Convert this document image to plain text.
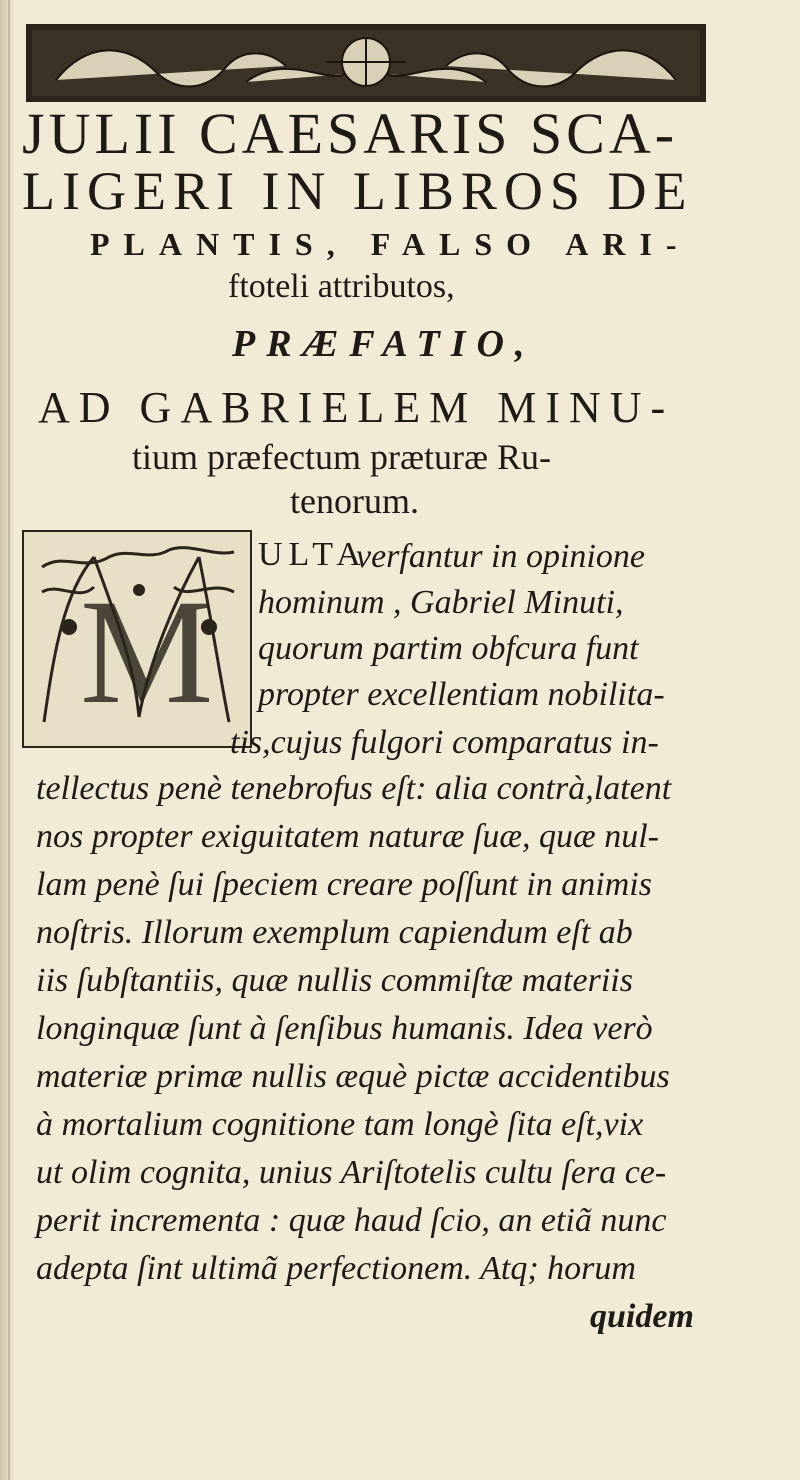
JULII CAESARIS SCA-
LIGERI IN LIBROS DE
PLANTIS, FALSO ARI-
ftoteli attributos,
PRÆFATIO,
AD GABRIELEM MINU-
tium præfectum præturæ Ru-
tenorum.
M
ULTA
verfantur in opinione
hominum , Gabriel Minuti,
quorum partim obfcura funt
propter excellentiam nobilita-
tis,cujus fulgori comparatus in-
tellectus penè tenebrofus eſt: alia contrà,latent
nos propter exiguitatem naturæ ſuæ, quæ nul-
lam penè ſui ſpeciem creare poſſunt in animis
noſtris. Illorum exemplum capiendum eſt ab
iis ſubſtantiis, quæ nullis commiſtæ materiis
longinquæ ſunt à ſenſibus humanis. Idea verò
materiæ primæ nullis æquè pictæ accidentibus
à mortalium cognitione tam longè ſita eſt,vix
ut olim cognita, unius Ariſtotelis cultu ſera ce-
perit incrementa : quæ haud ſcio, an etiã nunc
adepta ſint ultimã perfectionem. Atq; horum
quidem
